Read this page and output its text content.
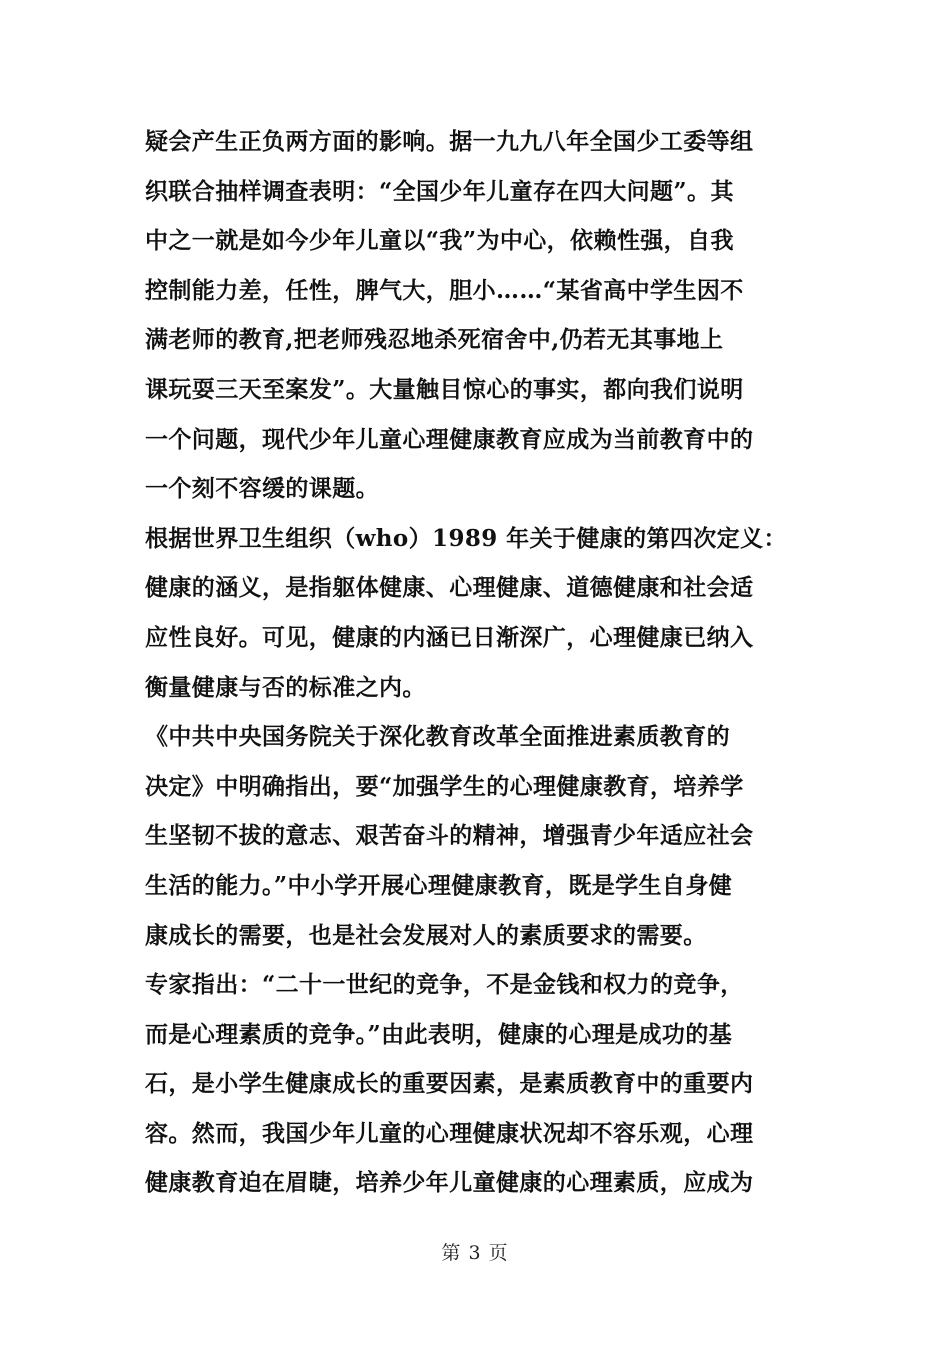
疑会产生正负两方面的影响。据一九九八年全国少工委等组
织联合抽样调查表明：“全国少年儿童存在四大问题”。其
中之一就是如今少年儿童以“我”为中心，依赖性强，自我
控制能力差，任性，脾气大，胆小……“某省高中学生因不
满老师的教育,把老师残忍地杀死宿舍中,仍若无其事地上
课玩耍三天至案发”。大量触目惊心的事实，都向我们说明
一个问题，现代少年儿童心理健康教育应成为当前教育中的
一个刻不容缓的课题。
根据世界卫生组织（who）1989 年关于健康的第四次定义：
健康的涵义，是指躯体健康、心理健康、道德健康和社会适
应性良好。可见，健康的内涵已日渐深广，心理健康已纳入
衡量健康与否的标准之内。
《中共中央国务院关于深化教育改革全面推进素质教育的
决定》中明确指出，要“加强学生的心理健康教育，培养学
生坚韧不拔的意志、艰苦奋斗的精神，增强青少年适应社会
生活的能力。”中小学开展心理健康教育，既是学生自身健
康成长的需要，也是社会发展对人的素质要求的需要。
专家指出：“二十一世纪的竞争，不是金钱和权力的竞争，
而是心理素质的竞争。”由此表明，健康的心理是成功的基
石，是小学生健康成长的重要因素，是素质教育中的重要内
容。然而，我国少年儿童的心理健康状况却不容乐观，心理
健康教育迫在眉睫，培养少年儿童健康的心理素质，应成为
第 3 页
